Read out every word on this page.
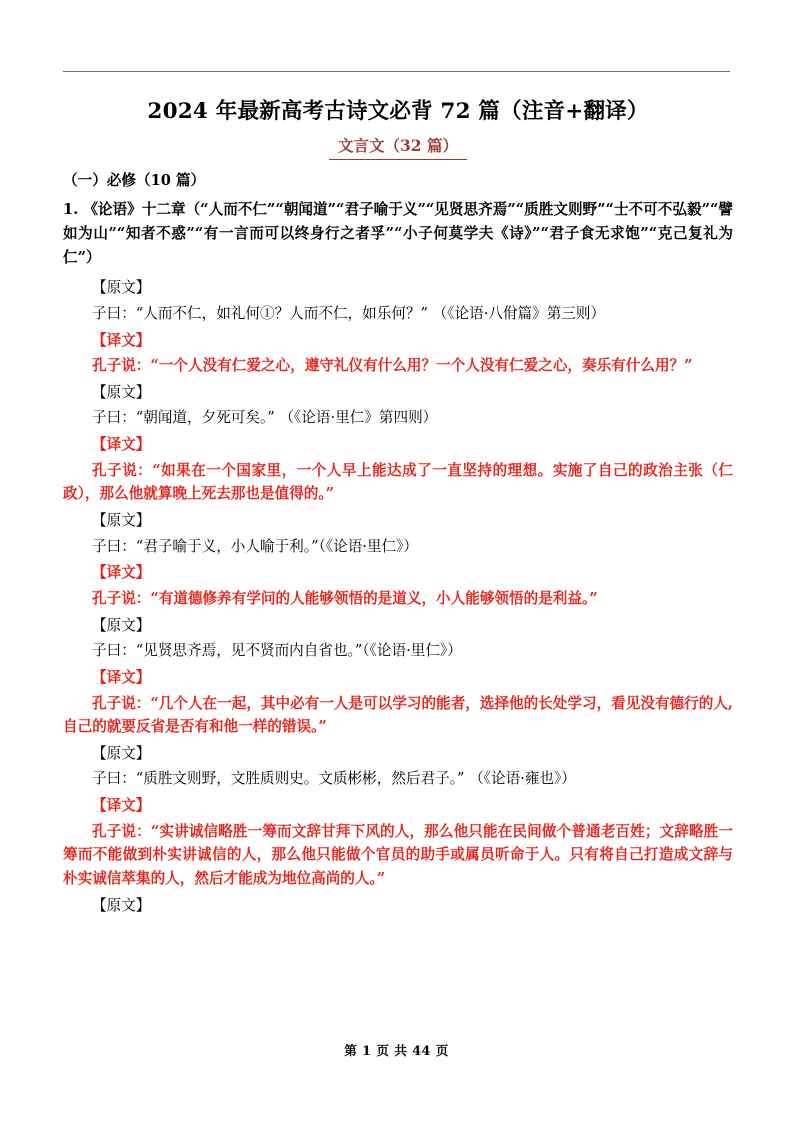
2024 年最新高考古诗文必背 72 篇（注音+翻译）
文言文（32 篇）
（一）必修（10 篇）
1. 《论语》十二章（“人而不仁”“朝闻道”“君子喻于义”“见贤思齐焉”“质胜文则野”“士不可不弘毅”“譬如为山”“知者不惑”“有一言而可以终身行之者孚”“小子何莫学夫《诗》”“君子食无求饱”“克己复礼为仁”）
【原文】
子曰：“人而不仁，如礼何①？人而不仁，如乐何？” （《论语·八佾篇》第三则）
【译文】
孔子说：“一个人没有仁爱之心，遵守礼仪有什么用？一个人没有仁爱之心，奏乐有什么用？”
【原文】
子曰：“朝闻道，夕死可矣。” （《论语·里仁》第四则）
【译文】
孔子说：“如果在一个国家里，一个人早上能达成了一直坚持的理想。实施了自己的政治主张（仁政），那么他就算晚上死去那也是值得的。”
【原文】
子曰：“君子喻于义，小人喻于利。”（《论语·里仁》）
【译文】
孔子说：“有道德修养有学问的人能够领悟的是道义，小人能够领悟的是利益。”
【原文】
子曰：“见贤思齐焉，见不贤而内自省也。”（《论语·里仁》）
【译文】
孔子说：“几个人在一起，其中必有一人是可以学习的能者，选择他的长处学习，看见没有德行的人,自己的就要反省是否有和他一样的错误。”
【原文】
子曰：“质胜文则野，文胜质则史。文质彬彬，然后君子。” （《论语·雍也》）
【译文】
孔子说：“实讲诚信略胜一筹而文辞甘拜下风的人，那么他只能在民间做个普通老百姓；文辞略胜一筹而不能做到朴实讲诚信的人，那么他只能做个官员的助手或属员听命于人。只有将自己打造成文辞与朴实诚信萃集的人，然后才能成为地位高尚的人。”
【原文】
第 1 页 共 44 页
